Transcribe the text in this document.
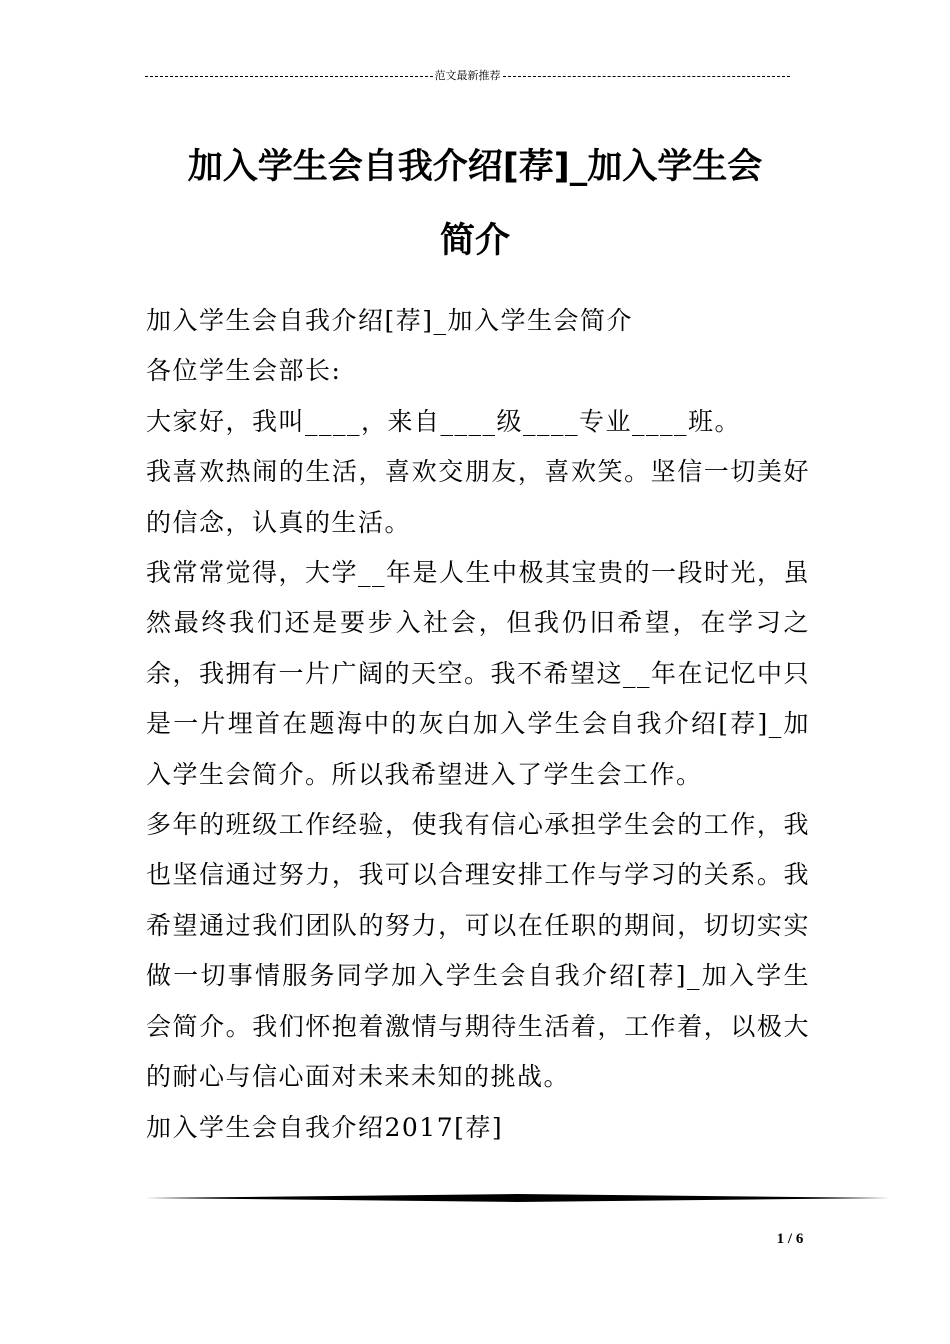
范文最新推荐
加入学生会自我介绍[荐]_加入学生会
简介

加入学生会自我介绍[荐]_加入学生会简介

各位学生会部长:

大家好，我叫____，来自____级____专业____班。

我喜欢热闹的生活，喜欢交朋友，喜欢笑。坚信一切美好的信念，认真的生活。

我常常觉得，大学__年是人生中极其宝贵的一段时光，虽然最终我们还是要步入社会，但我仍旧希望，在学习之余，我拥有一片广阔的天空。我不希望这__年在记忆中只是一片埋首在题海中的灰白加入学生会自我介绍[荐]_加入学生会简介。所以我希望进入了学生会工作。

多年的班级工作经验，使我有信心承担学生会的工作，我也坚信通过努力，我可以合理安排工作与学习的关系。我希望通过我们团队的努力，可以在任职的期间，切切实实做一切事情服务同学加入学生会自我介绍[荐]_加入学生会简介。我们怀抱着激情与期待生活着，工作着，以极大的耐心与信心面对未来未知的挑战。

加入学生会自我介绍2017[荐]

1 / 6
